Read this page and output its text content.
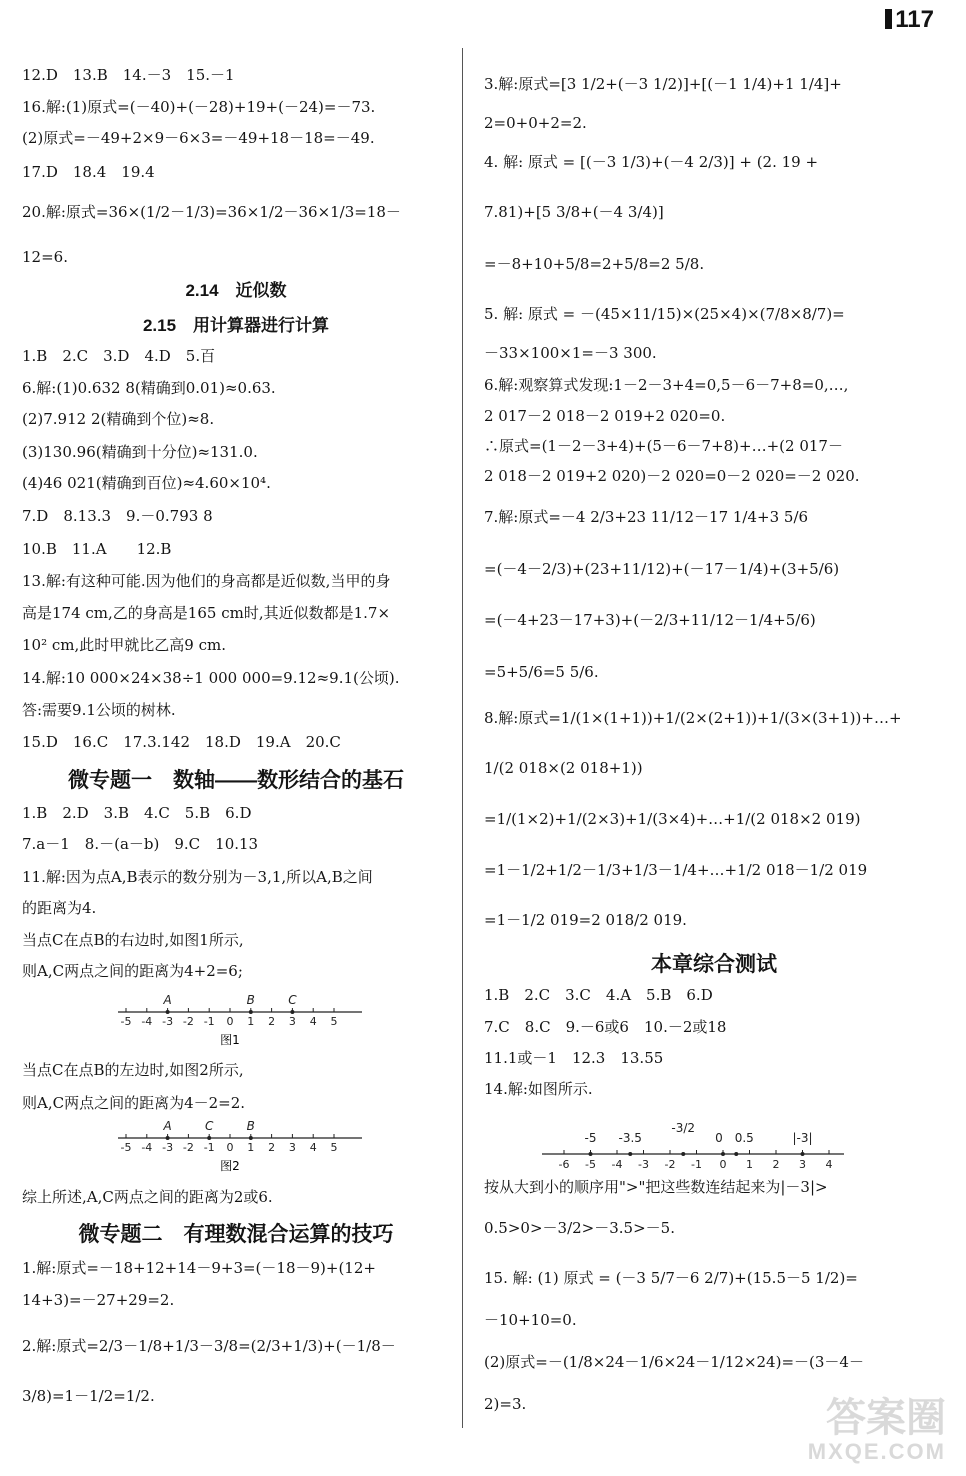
117
12.D　13.B　14.－3　15.－1
16.解:(1)原式=(－40)+(－28)+19+(－24)=－73.
(2)原式=－49+2×9－6×3=－49+18－18=－49.
17.D　18.4　19.4
20.解:原式=36×(1/2－1/3)=36×1/2－36×1/3=18－
12=6.
2.14　近似数
2.15　用计算器进行计算
1.B　2.C　3.D　4.D　5.百
6.解:(1)0.632 8(精确到0.01)≈0.63.
(2)7.912 2(精确到个位)≈8.
(3)130.96(精确到十分位)≈131.0.
(4)46 021(精确到百位)≈4.60×10⁴.
7.D　8.13.3　9.－0.793 8
10.B　11.A　　12.B
13.解:有这种可能.因为他们的身高都是近似数,当甲的身
高是174 cm,乙的身高是165 cm时,其近似数都是1.7×
10² cm,此时甲就比乙高9 cm.
14.解:10 000×24×38÷1 000 000=9.12≈9.1(公顷).
答:需要9.1公顷的树林.
15.D　16.C　17.3.142　18.D　19.A　20.C
微专题一　数轴——数形结合的基石
1.B　2.D　3.B　4.C　5.B　6.D
7.a－1　8.－(a－b)　9.C　10.13
11.解:因为点A,B表示的数分别为－3,1,所以A,B之间
的距离为4.
当点C在点B的右边时,如图1所示,
则A,C两点之间的距离为4+2=6;
-5 -4 -3 -2 -1 0 1 2 3 4 5
A	B	C
图1
当点C在点B的左边时,如图2所示,
则A,C两点之间的距离为4－2=2.
-5 -4 -3 -2 -1 0 1 2 3 4 5
A	C	B
图2
综上所述,A,C两点之间的距离为2或6.
微专题二　有理数混合运算的技巧
1.解:原式=－18+12+14－9+3=(－18－9)+(12+
14+3)=－27+29=2.
2.解:原式=2/3－1/8+1/3－3/8=(2/3+1/3)+(－1/8－
3/8)=1－1/2=1/2.
3.解:原式=[3 1/2+(－3 1/2)]+[(－1 1/4)+1 1/4]+
2=0+0+2=2.
4. 解: 原式 = [(－3 1/3)+(－4 2/3)] + (2. 19 +
7.81)+[5 3/8+(－4 3/4)]
=－8+10+5/8=2+5/8=2 5/8.
5. 解: 原式 = －(45×11/15)×(25×4)×(7/8×8/7)=
－33×100×1=－3 300.
6.解:观察算式发现:1－2－3+4=0,5－6－7+8=0,…,
2 017－2 018－2 019+2 020=0.
∴原式=(1－2－3+4)+(5－6－7+8)+…+(2 017－
2 018－2 019+2 020)－2 020=0－2 020=－2 020.
7.解:原式=－4 2/3+23 11/12－17 1/4+3 5/6
=(－4－2/3)+(23+11/12)+(－17－1/4)+(3+5/6)
=(－4+23－17+3)+(－2/3+11/12－1/4+5/6)
=5+5/6=5 5/6.
8.解:原式=1/(1×(1+1))+1/(2×(2+1))+1/(3×(3+1))+…+
1/(2 018×(2 018+1))
=1/(1×2)+1/(2×3)+1/(3×4)+…+1/(2 018×2 019)
=1－1/2+1/2－1/3+1/3－1/4+…+1/2 018－1/2 019
=1－1/2 019=2 018/2 019.
本章综合测试
1.B　2.C　3.C　4.A　5.B　6.D
7.C　8.C　9.－6或6　10.－2或18
11.1或－1　12.3　13.55
14.解:如图所示.
-6 -5 -4 -3 -2 -1 0 1 2 3 4
-5 -3.5
-3/2
0 0.5	|-3|
按从大到小的顺序用">"把这些数连结起来为|－3|>
0.5>0>－3/2>－3.5>－5.
15. 解: (1) 原式 = (－3 5/7－6 2/7)+(15.5－5 1/2)=
－10+10=0.
(2)原式=－(1/8×24－1/6×24－1/12×24)=－(3－4－
2)=3.	答案圈
MXQE.COM
